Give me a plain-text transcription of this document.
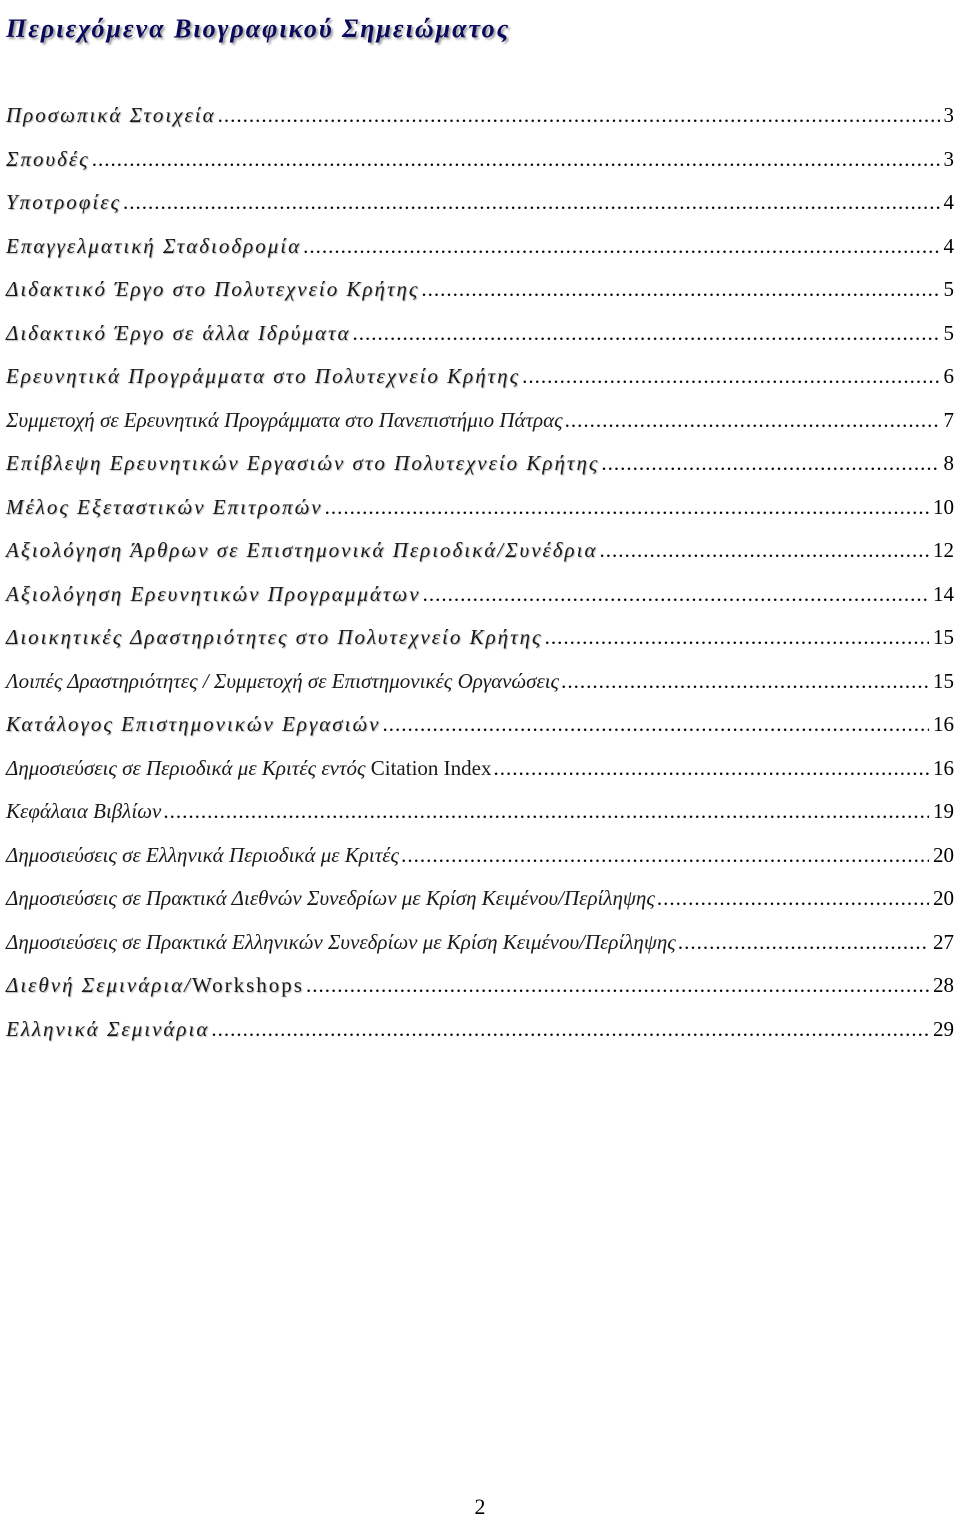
Περιεχόμενα Βιογραφικού Σημειώματος
Προσωπικά Στοιχεία .....	3
Σπουδές .....	3
Υποτροφίες .....	4
Επαγγελματική Σταδιοδρομία .....	4
Διδακτικό Έργο στο Πολυτεχνείο Κρήτης .....	5
Διδακτικό Έργο σε άλλα Ιδρύματα .....	5
Ερευνητικά Προγράμματα στο Πολυτεχνείο Κρήτης .....	6
Συμμετοχή σε Ερευνητικά Προγράμματα στο Πανεπιστήμιο Πάτρας .....	7
Επίβλεψη Ερευνητικών Εργασιών στο Πολυτεχνείο Κρήτης .....	8
Μέλος Εξεταστικών Επιτροπών .....	10
Αξιολόγηση Άρθρων σε Επιστημονικά Περιοδικά/Συνέδρια .....	12
Αξιολόγηση Ερευνητικών Προγραμμάτων .....	14
Διοικητικές Δραστηριότητες στο Πολυτεχνείο Κρήτης .....	15
Λοιπές Δραστηριότητες / Συμμετοχή σε Επιστημονικές Οργανώσεις .....	15
Κατάλογος Επιστημονικών Εργασιών .....	16
Δημοσιεύσεις σε Περιοδικά με Κριτές εντός Citation Index .....	16
Κεφάλαια Βιβλίων .....	19
Δημοσιεύσεις σε Ελληνικά Περιοδικά με Κριτές .....	20
Δημοσιεύσεις σε Πρακτικά Διεθνών Συνεδρίων με Κρίση Κειμένου/Περίληψης .....	20
Δημοσιεύσεις σε Πρακτικά Ελληνικών Συνεδρίων με Κρίση Κειμένου/Περίληψης .....	27
Διεθνή Σεμινάρια/Workshops .....	28
Ελληνικά Σεμινάρια .....	29
2
